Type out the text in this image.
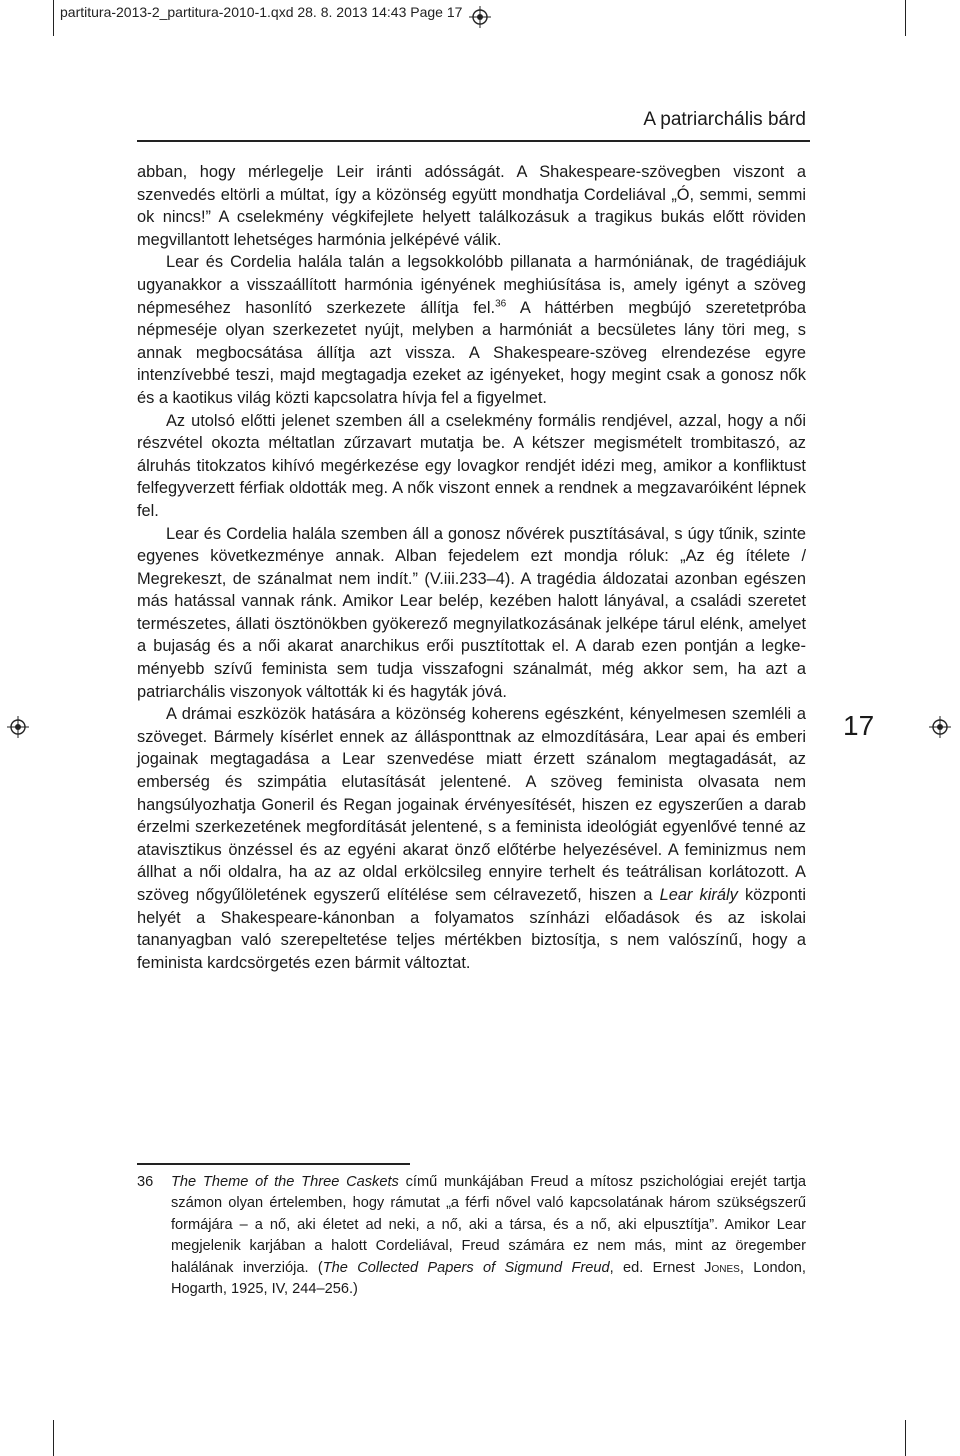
partitura-2013-2_partitura-2010-1.qxd 28. 8. 2013 14:43 Page 17
A patriarchális bárd

abban, hogy mérlegelje Leir iránti adósságát. A Shakespeare-szövegben viszont a szenvedés eltörli a múltat, így a közönség együtt mondhatja Cordeliával „Ó, semmi, semmi ok nincs!” A cselekmény végkifejlete helyett találkozásuk a tragikus bukás előtt röviden megvillantott lehetséges harmónia jelképévé válik.

Lear és Cordelia halála talán a legsokkolóbb pillanata a harmóniának, de tragédiájuk ugyanakkor a visszaállított harmónia igényének meghiúsítása is, amely igényt a szöveg népmeséhez hasonlító szerkezete állítja fel.$^{36}$ A háttérben megbújó szeretetpróba népmeséje olyan szerkezetet nyújt, melyben a harmóniát a becsületes lány töri meg, s annak megbocsátása állítja azt vissza. A Shakespeare-szöveg elrendezése egyre intenzívebbé teszi, majd megtagadja ezeket az igényeket, hogy megint csak a gonosz nők és a kaotikus világ közti kapcsolatra hívja fel a figyelmet.

Az utolsó előtti jelenet szemben áll a cselekmény formális rendjével, azzal, hogy a női részvétel okozta méltatlan zűrzavart mutatja be. A kétszer megismételt trombitaszó, az álruhás titokzatos kihívó megérkezése egy lovagkor rendjét idézi meg, amikor a konfliktust felfegyverzett férfiak oldották meg. A nők viszont ennek a rendnek a megzavaróiként lépnek fel.

Lear és Cordelia halála szemben áll a gonosz nővérek pusztításával, s úgy tűnik, szinte egyenes következménye annak. Alban fejedelem ezt mondja róluk: „Az ég ítélete / Megrekeszt, de szánalmat nem indít.” (V.iii.233–4). A tragédia áldozatai azonban egészen más hatással vannak ránk. Amikor Lear belép, kezében halott lányával, a családi szeretet természetes, állati ösztönökben gyökerező megnyilatkozásának jelképe tárul elénk, amelyet a bujaság és a női akarat anarchikus erői pusztítottak el. A darab ezen pontján a legkeményebb szívű feminista sem tudja visszafogni szánalmát, még akkor sem, ha azt a patriarchális viszonyok váltották ki és hagyták jóvá.

A drámai eszközök hatására a közönség koherens egészként, kényelmesen szemléli a szöveget. Bármely kísérlet ennek az állásponttnak az elmozdítására, Lear apai és emberi jogainak megtagadása a Lear szenvedése miatt érzett szánalom megtagadását, az emberség és szimpátia elutasítását jelentené. A szöveg feminista olvasata nem hangsúlyozhatja Goneril és Regan jogainak érvényesítését, hiszen ez egyszerűen a darab érzelmi szerkezetének megfordítását jelentené, s a feminista ideológiát egyenlővé tenné az atavisztikus önzéssel és az egyéni akarat önző előtérbe helyezésével. A feminizmus nem állhat a női oldalra, ha az az oldal erkölcsileg ennyire terhelt és teátrálisan korlátozott. A szöveg nőgyűlöletének egyszerű elítélése sem célravezető, hiszen a Lear király központi helyét a Shakespeare-kánonban a folyamatos színházi előadások és az iskolai tananyagban való szerepeltetése teljes mértékben biztosítja, s nem valószínű, hogy a feminista kardcsörgetés ezen bármit változtat.

17
36 The Theme of the Three Caskets című munkájában Freud a mítosz pszichológiai erejét tartja számon olyan értelemben, hogy rámutat „a férfi nővel való kapcsolatának három szükségszerű formájára – a nő, aki életet ad neki, a nő, aki a társa, és a nő, aki elpusztítja”. Amikor Lear megjelenik karjában a halott Cordeliával, Freud számára ez nem más, mint az öregember halálának inverziója. (The Collected Papers of Sigmund Freud, ed. Ernest Jones, London, Hogarth, 1925, IV, 244–256.)
